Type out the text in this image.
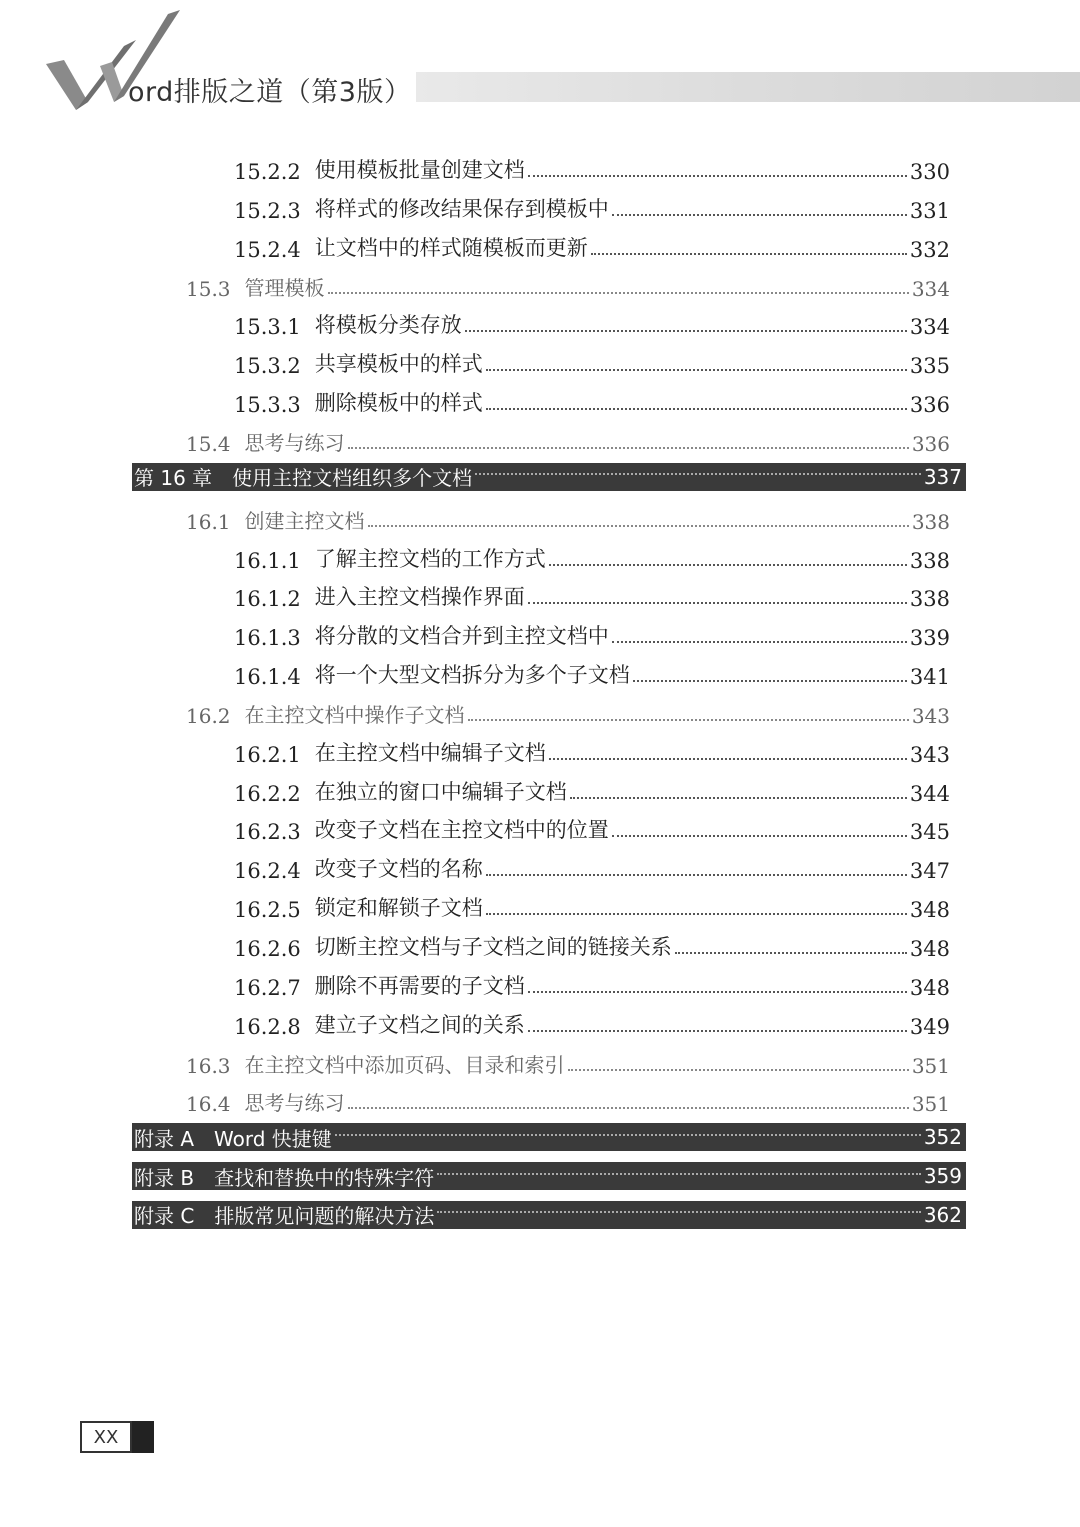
ord排版之道（第3版）
15.2.2 使用模板批量创建文档	330
15.2.3 将样式的修改结果保存到模板中	331
15.2.4 让文档中的样式随模板而更新	332
15.3 管理模板	334
15.3.1 将模板分类存放	334
15.3.2 共享模板中的样式	335
15.3.3 删除模板中的样式	336
15.4 思考与练习	336
第 16 章 使用主控文档组织多个文档	337
16.1 创建主控文档	338
16.1.1 了解主控文档的工作方式	338
16.1.2 进入主控文档操作界面	338
16.1.3 将分散的文档合并到主控文档中	339
16.1.4 将一个大型文档拆分为多个子文档	341
16.2 在主控文档中操作子文档	343
16.2.1 在主控文档中编辑子文档	343
16.2.2 在独立的窗口中编辑子文档	344
16.2.3 改变子文档在主控文档中的位置	345
16.2.4 改变子文档的名称	347
16.2.5 锁定和解锁子文档	348
16.2.6 切断主控文档与子文档之间的链接关系	348
16.2.7 删除不再需要的子文档	348
16.2.8 建立子文档之间的关系	349
16.3 在主控文档中添加页码、目录和索引	351
16.4 思考与练习	351
附录 A Word 快捷键	352
附录 B 查找和替换中的特殊字符	359
附录 C 排版常见问题的解决方法	362
XX
